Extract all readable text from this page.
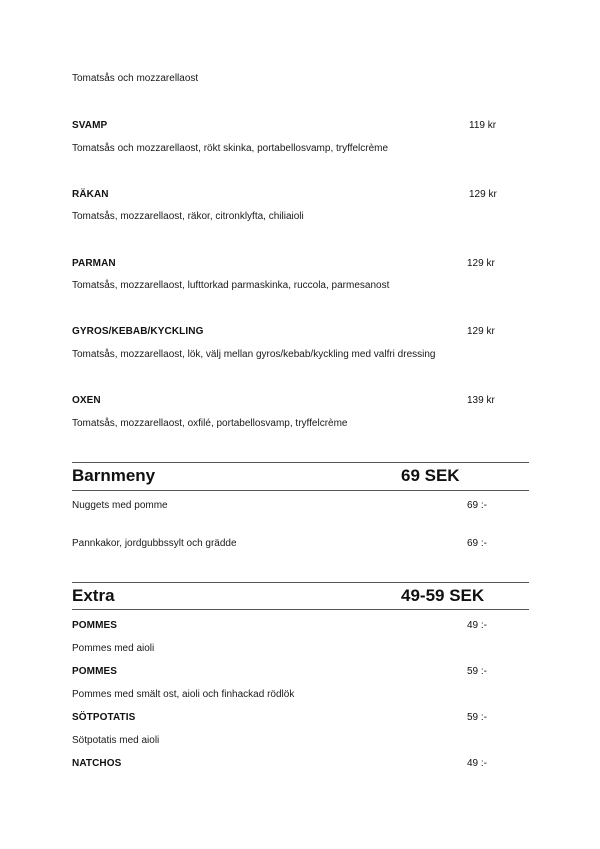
Tomatsås och mozzarellaost
SVAMP	119 kr
Tomatsås och mozzarellaost, rökt skinka, portabellosvamp, tryffelcrème
RÄKAN	129 kr
Tomatsås, mozzarellaost, räkor, citronklyfta, chiliaioli
PARMAN	129 kr
Tomatsås, mozzarellaost, lufttorkad parmaskinka, ruccola, parmesanost
GYROS/KEBAB/KYCKLING	129 kr
Tomatsås, mozzarellaost, lök, välj mellan gyros/kebab/kyckling med valfri dressing
OXEN	139 kr
Tomatsås, mozzarellaost, oxfilé, portabellosvamp, tryffelcrème
Barnmeny	69 SEK
Nuggets med pomme	69 :-
Pannkakor, jordgubbssylt och grädde	69 :-
Extra	49-59 SEK
POMMES	49 :-
Pommes med aioli
POMMES	59 :-
Pommes med smält ost, aioli och finhackad rödlök
SÖTPOTATIS	59 :-
Sötpotatis med aioli
NATCHOS	49 :-
